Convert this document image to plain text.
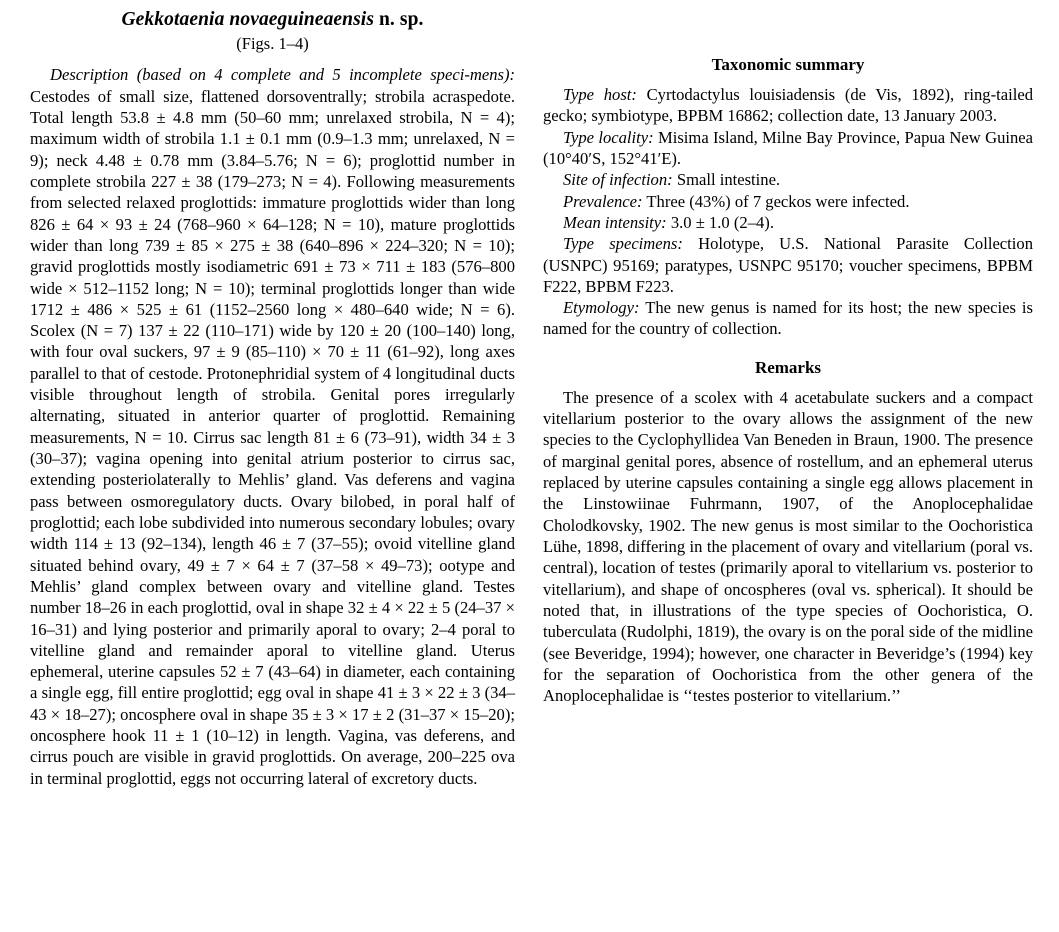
Gekkotaenia novaeguineaensis n. sp.
(Figs. 1–4)

Description (based on 4 complete and 5 incomplete speci-mens): Cestodes of small size, flattened dorsoventrally; strobila acraspedote. Total length 53.8 ± 4.8 mm (50–60 mm; unrelaxed strobila, N = 4); maximum width of strobila 1.1 ± 0.1 mm (0.9–1.3 mm; unrelaxed, N = 9); neck 4.48 ± 0.78 mm (3.84–5.76; N = 6); proglottid number in complete strobila 227 ± 38 (179–273; N = 4). Following measurements from selected relaxed proglottids: immature proglottids wider than long 826 ± 64 × 93 ± 24 (768–960 × 64–128; N = 10), mature proglottids wider than long 739 ± 85 × 275 ± 38 (640–896 × 224–320; N = 10); gravid proglottids mostly isodiametric 691 ± 73 × 711 ± 183 (576–800 wide × 512–1152 long; N = 10); terminal proglottids longer than wide 1712 ± 486 × 525 ± 61 (1152–2560 long × 480–640 wide; N = 6). Scolex (N = 7) 137 ± 22 (110–171) wide by 120 ± 20 (100–140) long, with four oval suckers, 97 ± 9 (85–110) × 70 ± 11 (61–92), long axes parallel to that of cestode. Protonephridial system of 4 longitudinal ducts visible throughout length of strobila. Genital pores irregularly alternating, situated in anterior quarter of proglottid. Remaining measurements, N = 10. Cirrus sac length 81 ± 6 (73–91), width 34 ± 3 (30–37); vagina opening into genital atrium posterior to cirrus sac, extending posteriolaterally to Mehlis’ gland. Vas deferens and vagina pass between osmoregulatory ducts. Ovary bilobed, in poral half of proglottid; each lobe subdivided into numerous secondary lobules; ovary width 114 ± 13 (92–134), length 46 ± 7 (37–55); ovoid vitelline gland situated behind ovary, 49 ± 7 × 64 ± 7 (37–58 × 49–73); ootype and Mehlis’ gland complex between ovary and vitelline gland. Testes number 18–26 in each proglottid, oval in shape 32 ± 4 × 22 ± 5 (24–37 × 16–31) and lying posterior and primarily aporal to ovary; 2–4 poral to vitelline gland and remainder aporal to vitelline gland. Uterus ephemeral, uterine capsules 52 ± 7 (43–64) in diameter, each containing a single egg, fill entire proglottid; egg oval in shape 41 ± 3 × 22 ± 3 (34–43 × 18–27); oncosphere oval in shape 35 ± 3 × 17 ± 2 (31–37 × 15–20); oncosphere hook 11 ± 1 (10–12) in length. Vagina, vas deferens, and cirrus pouch are visible in gravid proglottids. On average, 200–225 ova in terminal proglottid, eggs not occurring lateral of excretory ducts.

Taxonomic summary

Type host: Cyrtodactylus louisiadensis (de Vis, 1892), ring-tailed gecko; symbiotype, BPBM 16862; collection date, 13 January 2003.

Type locality: Misima Island, Milne Bay Province, Papua New Guinea (10°40′S, 152°41′E).

Site of infection: Small intestine.

Prevalence: Three (43%) of 7 geckos were infected.

Mean intensity: 3.0 ± 1.0 (2–4).

Type specimens: Holotype, U.S. National Parasite Collection (USNPC) 95169; paratypes, USNPC 95170; voucher specimens, BPBM F222, BPBM F223.

Etymology: The new genus is named for its host; the new species is named for the country of collection.

Remarks

The presence of a scolex with 4 acetabulate suckers and a compact vitellarium posterior to the ovary allows the assignment of the new species to the Cyclophyllidea Van Beneden in Braun, 1900. The presence of marginal genital pores, absence of rostellum, and an ephemeral uterus replaced by uterine capsules containing a single egg allows placement in the Linstowiinae Fuhrmann, 1907, of the Anoplocephalidae Cholodkovsky, 1902. The new genus is most similar to the Oochoristica Lühe, 1898, differing in the placement of ovary and vitellarium (poral vs. central), location of testes (primarily aporal to vitellarium vs. posterior to vitellarium), and shape of oncospheres (oval vs. spherical). It should be noted that, in illustrations of the type species of Oochoristica, O. tuberculata (Rudolphi, 1819), the ovary is on the poral side of the midline (see Beveridge, 1994); however, one character in Beveridge’s (1994) key for the separation of Oochoristica from the other genera of the Anoplocephalidae is ‘‘testes posterior to vitellarium.’’
